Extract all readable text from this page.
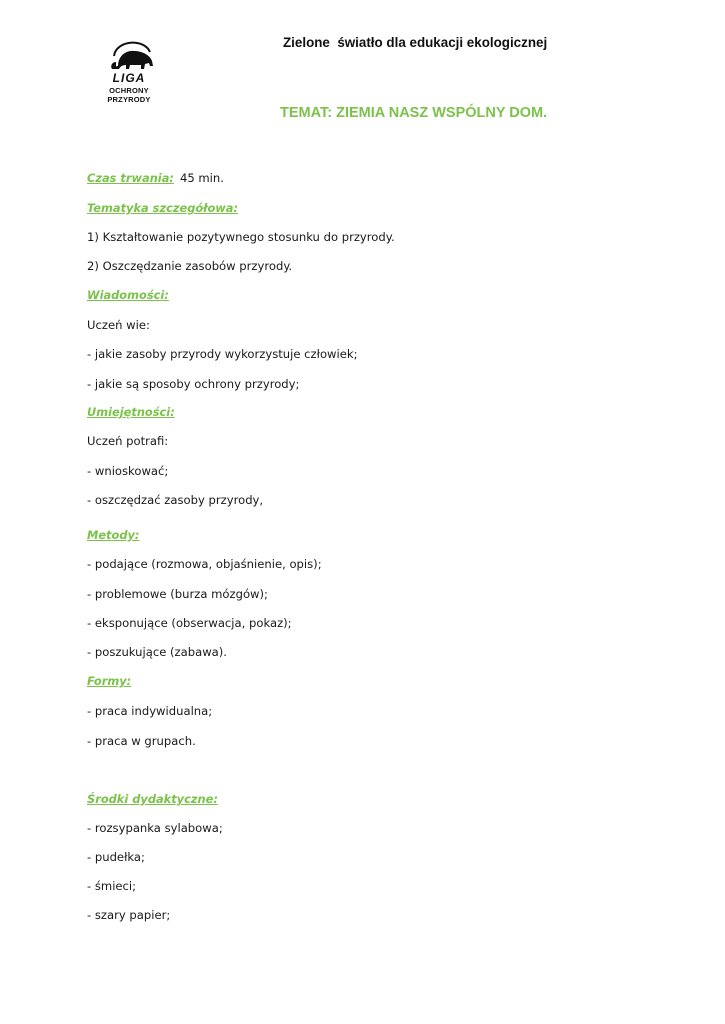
LIGA
OCHRONY
PRZYRODY
Zielone  światło dla edukacji ekologicznej
TEMAT: ZIEMIA NASZ WSPÓLNY DOM.
Czas trwania: 45 min.
Tematyka szczegółowa:
1) Kształtowanie pozytywnego stosunku do przyrody.
2) Oszczędzanie zasobów przyrody.
Wiadomości:
Uczeń wie:
- jakie zasoby przyrody wykorzystuje człowiek;
- jakie są sposoby ochrony przyrody;
Umiejętności:
Uczeń potrafi:
- wnioskować;
- oszczędzać zasoby przyrody,
Metody:
- podające (rozmowa, objaśnienie, opis);
- problemowe (burza mózgów);
- eksponujące (obserwacja, pokaz);
- poszukujące (zabawa).
Formy:
- praca indywidualna;
- praca w grupach.
Środki dydaktyczne:
- rozsypanka sylabowa;
- pudełka;
- śmieci;
- szary papier;
